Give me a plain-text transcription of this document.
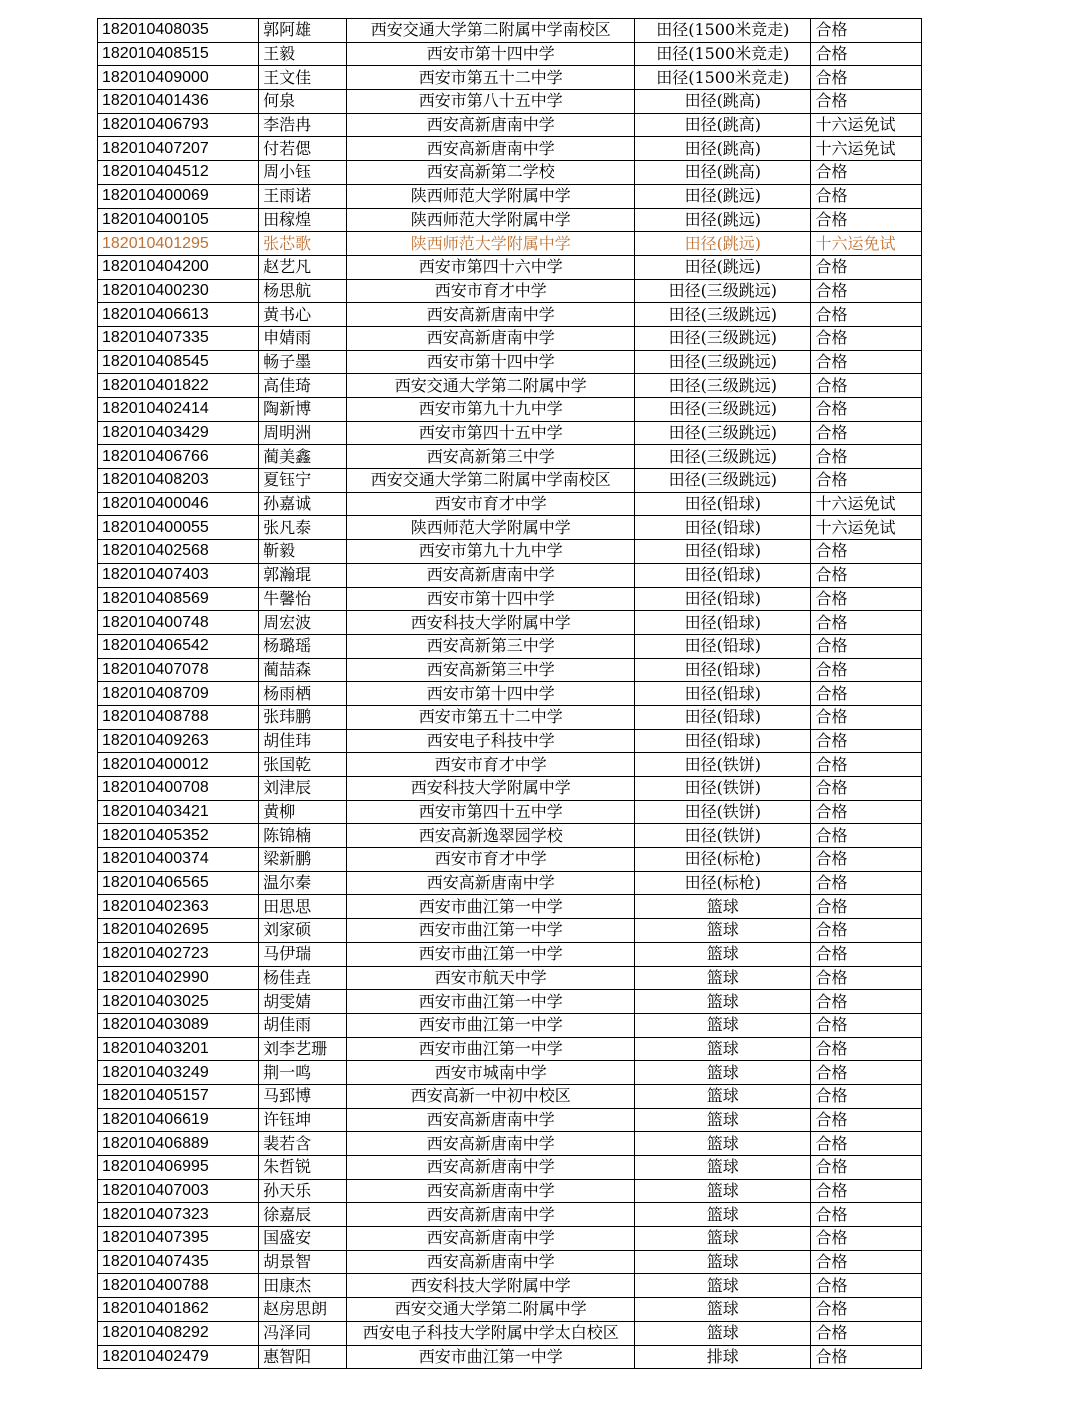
182010408035	郭阿雄	西安交通大学第二附属中学南校区	田径(1500米竞走)	合格
182010408515	王毅	西安市第十四中学	田径(1500米竞走)	合格
182010409000	王文佳	西安市第五十二中学	田径(1500米竞走)	合格
182010401436	何泉	西安市第八十五中学	田径(跳高)	合格
182010406793	李浩冉	西安高新唐南中学	田径(跳高)	十六运免试
182010407207	付若偲	西安高新唐南中学	田径(跳高)	十六运免试
182010404512	周小钰	西安高新第二学校	田径(跳高)	合格
182010400069	王雨诺	陕西师范大学附属中学	田径(跳远)	合格
182010400105	田稼煌	陕西师范大学附属中学	田径(跳远)	合格
182010401295	张芯歌	陕西师范大学附属中学	田径(跳远)	十六运免试
182010404200	赵艺凡	西安市第四十六中学	田径(跳远)	合格
182010400230	杨思航	西安市育才中学	田径(三级跳远)	合格
182010406613	黄书心	西安高新唐南中学	田径(三级跳远)	合格
182010407335	申婧雨	西安高新唐南中学	田径(三级跳远)	合格
182010408545	畅子墨	西安市第十四中学	田径(三级跳远)	合格
182010401822	高佳琦	西安交通大学第二附属中学	田径(三级跳远)	合格
182010402414	陶新博	西安市第九十九中学	田径(三级跳远)	合格
182010403429	周明洲	西安市第四十五中学	田径(三级跳远)	合格
182010406766	蔺美鑫	西安高新第三中学	田径(三级跳远)	合格
182010408203	夏钰宁	西安交通大学第二附属中学南校区	田径(三级跳远)	合格
182010400046	孙嘉诚	西安市育才中学	田径(铅球)	十六运免试
182010400055	张凡泰	陕西师范大学附属中学	田径(铅球)	十六运免试
182010402568	靳毅	西安市第九十九中学	田径(铅球)	合格
182010407403	郭瀚琨	西安高新唐南中学	田径(铅球)	合格
182010408569	牛馨怡	西安市第十四中学	田径(铅球)	合格
182010400748	周宏波	西安科技大学附属中学	田径(铅球)	合格
182010406542	杨璐瑶	西安高新第三中学	田径(铅球)	合格
182010407078	蔺喆森	西安高新第三中学	田径(铅球)	合格
182010408709	杨雨栖	西安市第十四中学	田径(铅球)	合格
182010408788	张玮鹏	西安市第五十二中学	田径(铅球)	合格
182010409263	胡佳玮	西安电子科技中学	田径(铅球)	合格
182010400012	张国乾	西安市育才中学	田径(铁饼)	合格
182010400708	刘津辰	西安科技大学附属中学	田径(铁饼)	合格
182010403421	黄柳	西安市第四十五中学	田径(铁饼)	合格
182010405352	陈锦楠	西安高新逸翠园学校	田径(铁饼)	合格
182010400374	梁新鹏	西安市育才中学	田径(标枪)	合格
182010406565	温尔秦	西安高新唐南中学	田径(标枪)	合格
182010402363	田思思	西安市曲江第一中学	篮球	合格
182010402695	刘家硕	西安市曲江第一中学	篮球	合格
182010402723	马伊瑞	西安市曲江第一中学	篮球	合格
182010402990	杨佳垚	西安市航天中学	篮球	合格
182010403025	胡雯婧	西安市曲江第一中学	篮球	合格
182010403089	胡佳雨	西安市曲江第一中学	篮球	合格
182010403201	刘李艺珊	西安市曲江第一中学	篮球	合格
182010403249	荆一鸣	西安市城南中学	篮球	合格
182010405157	马郅博	西安高新一中初中校区	篮球	合格
182010406619	许钰坤	西安高新唐南中学	篮球	合格
182010406889	裴若含	西安高新唐南中学	篮球	合格
182010406995	朱哲锐	西安高新唐南中学	篮球	合格
182010407003	孙天乐	西安高新唐南中学	篮球	合格
182010407323	徐嘉辰	西安高新唐南中学	篮球	合格
182010407395	国盛安	西安高新唐南中学	篮球	合格
182010407435	胡景智	西安高新唐南中学	篮球	合格
182010400788	田康杰	西安科技大学附属中学	篮球	合格
182010401862	赵房思朗	西安交通大学第二附属中学	篮球	合格
182010408292	冯泽同	西安电子科技大学附属中学太白校区	篮球	合格
182010402479	惠智阳	西安市曲江第一中学	排球	合格
